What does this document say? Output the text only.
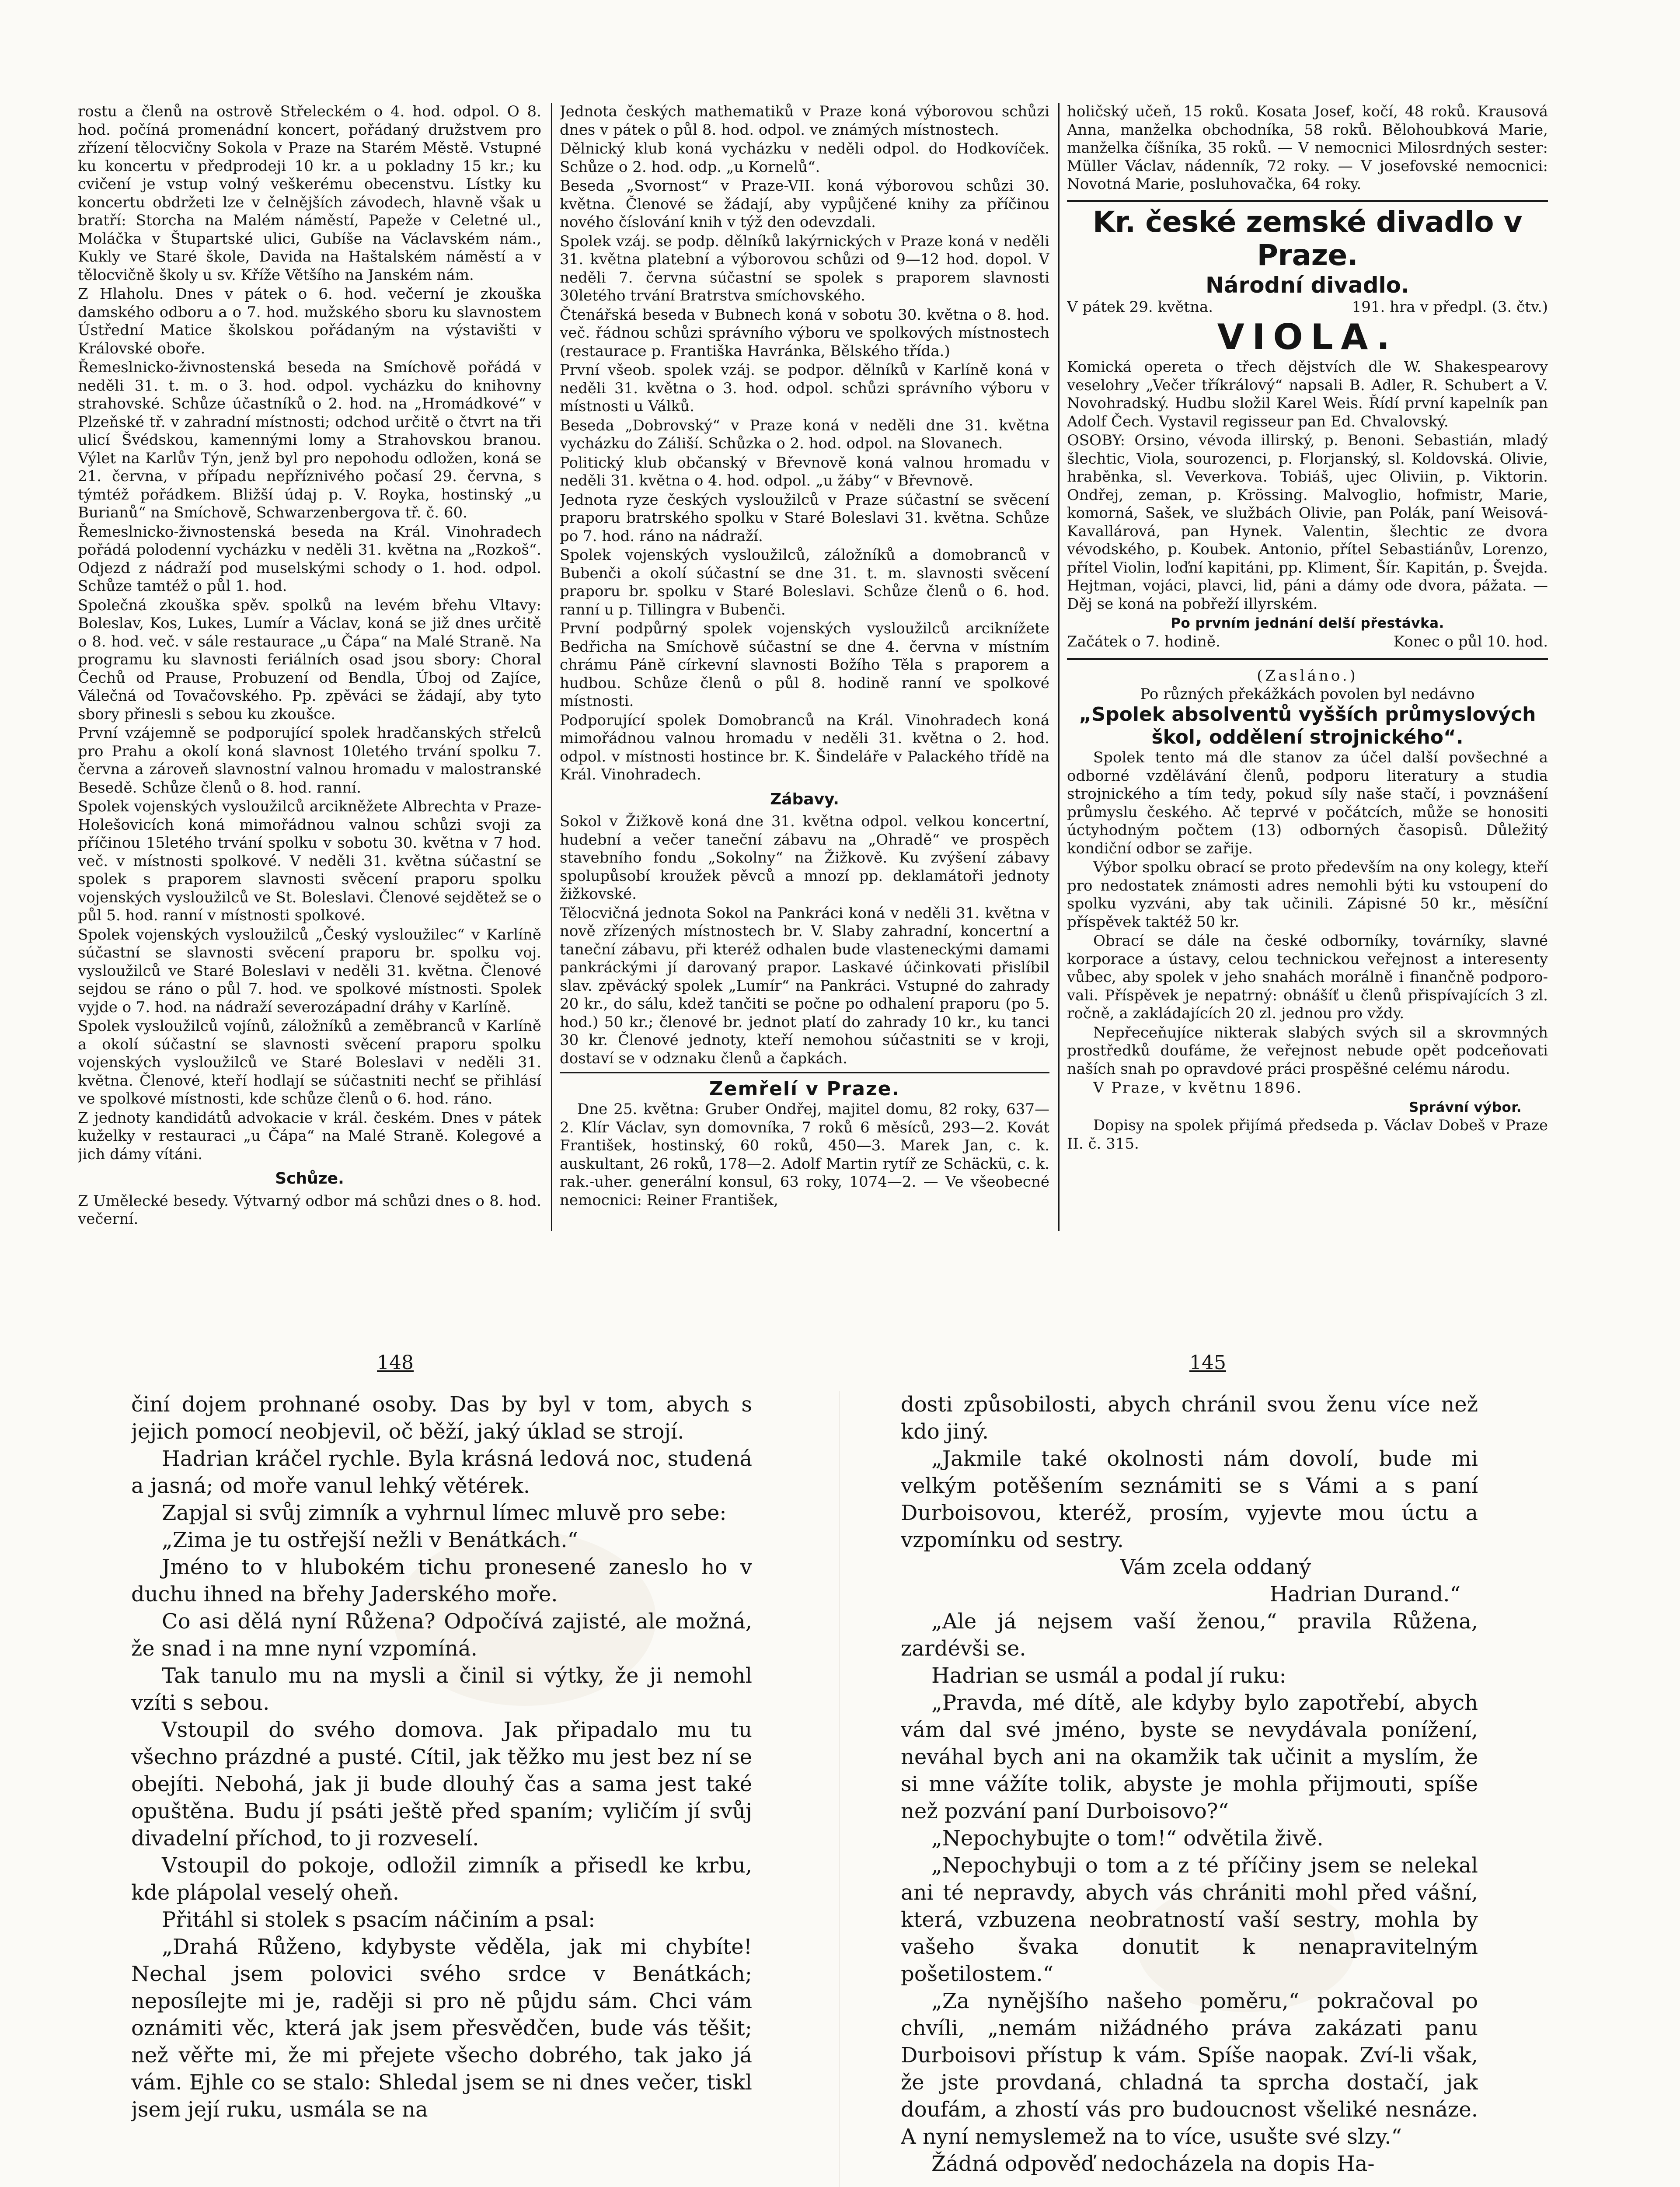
rostu a členů na ostrově Střeleckém o 4. hod. odpol. O 8. hod. počíná promenádní koncert, pořádaný družstvem pro zřízení tělocvičny Sokola v Praze na Starém Městě. Vstupné ku koncertu v předprodeji 10 kr. a u pokladny 15 kr.; ku cvičení je vstup volný veškerému obecenstvu. Lístky ku koncertu obdržeti lze v čelnějších závodech, hlavně však u bratří: Storcha na Malém náměstí, Papeže v Celetné ul., Moláčka v Štupartské ulici, Gubíše na Václavském nám., Kukly ve Staré škole, Davida na Haštalském náměstí a v tělocvičně školy u sv. Kříže Většího na Janském nám.

Z Hlaholu. Dnes v pátek o 6. hod. večerní je zkouška damského odboru a o 7. hod. mužského sboru ku slavnostem Ústřední Matice školskou pořádaným na výstavišti v Královské oboře.

Řemeslnicko-živnostenská beseda na Smíchově pořádá v neděli 31. t. m. o 3. hod. odpol. vycházku do knihovny strahovské. Schůze účastníků o 2. hod. na „Hromádkové“ v Plzeňské tř. v zahradní místnosti; odchod určitě o čtvrt na tři ulicí Švédskou, kamennými lomy a Strahovskou branou. Výlet na Karlův Týn, jenž byl pro nepohodu odložen, koná se 21. června, v případu nepříznivého počasí 29. června, s týmtéž pořádkem. Bližší údaj p. V. Royka, hostinský „u Burianů“ na Smíchově, Schwarzenbergova tř. č. 60.

Řemeslnicko-živnostenská beseda na Král. Vinohradech pořádá polodenní vycházku v neděli 31. května na „Rozkoš“. Odjezd z nádraží pod muselskými schody o 1. hod. odpol. Schůze tamtéž o půl 1. hod.

Společná zkouška spěv. spolků na levém břehu Vltavy: Boleslav, Kos, Lukes, Lumír a Václav, koná se již dnes určitě o 8. hod. več. v sále restaurace „u Čápa“ na Malé Straně. Na programu ku slavnosti feriálních osad jsou sbory: Choral Čechů od Prause, Probuzení od Bendla, Úboj od Zajíce, Válečná od Tovačovského. Pp. zpěváci se žádají, aby tyto sbory přinesli s sebou ku zkoušce.

První vzájemně se podporující spolek hradčanských střelců pro Prahu a okolí koná slavnost 10letého trvání spolku 7. června a zároveň slavnostní valnou hromadu v malostranské Besedě. Schůze členů o 8. hod. ranní.

Spolek vojenských vysloužilců arcikněžete Albrechta v Praze-Holešovicích koná mimořádnou valnou schůzi svoji za příčinou 15letého trvání spolku v sobotu 30. května v 7 hod. več. v místnosti spolkové. V neděli 31. května súčastní se spolek s praporem slavnosti svěcení praporu spolku vojenských vysloužilců ve St. Boleslavi. Členové sejdětež se o půl 5. hod. ranní v místnosti spolkové.

Spolek vojenských vysloužilců „Český vysloužilec“ v Karlíně súčastní se slavnosti svěcení praporu br. spolku voj. vysloužilců ve Staré Boleslavi v neděli 31. května. Členové sejdou se ráno o půl 7. hod. ve spolkové místnosti. Spolek vyjde o 7. hod. na nádraží severozápadní dráhy v Karlíně.

Spolek vysloužilců vojínů, záložníků a zeměbranců v Karlíně a okolí súčastní se slavnosti svěcení praporu spolku vojenských vysloužilců ve Staré Boleslavi v neděli 31. května. Členové, kteří hodlají se súčastniti nechť se přihlásí ve spolkové místnosti, kde schůze členů o 6. hod. ráno.

Z jednoty kandidátů advokacie v král. českém. Dnes v pátek kuželky v restauraci „u Čápa“ na Malé Straně. Kolegové a jich dámy vítáni.

Schůze.

Z Umělecké besedy. Výtvarný odbor má schůzi dnes o 8. hod. večerní.

Jednota českých mathematiků v Praze koná výborovou schůzi dnes v pátek o půl 8. hod. odpol. ve známých místnostech.

Dělnický klub koná vycházku v neděli odpol. do Hodkovíček. Schůze o 2. hod. odp. „u Kornelů“.

Beseda „Svornost“ v Praze-VII. koná výborovou schůzi 30. května. Členové se žádají, aby vypůjčené knihy za příčinou nového číslování knih v týž den odevzdali.

Spolek vzáj. se podp. dělníků lakýrnických v Praze koná v neděli 31. května platební a výborovou schůzi od 9—12 hod. dopol. V neděli 7. června súčastní se spolek s praporem slavnosti 30letého trvání Bratrstva smíchovského.

Čtenářská beseda v Bubnech koná v sobotu 30. května o 8. hod. več. řádnou schůzi správního výboru ve spolkových místnostech (restaurace p. Františka Havránka, Bělského třída.)

První všeob. spolek vzáj. se podpor. dělníků v Karlíně koná v neděli 31. května o 3. hod. odpol. schůzi správního výboru v místnosti u Válků.

Beseda „Dobrovský“ v Praze koná v neděli dne 31. května vycházku do Záliší. Schůzka o 2. hod. odpol. na Slovanech.

Politický klub občanský v Břevnově koná valnou hromadu v neděli 31. května o 4. hod. odpol. „u žáby“ v Břevnově.

Jednota ryze českých vysloužilců v Praze súčastní se svěcení praporu bratrského spolku v Staré Boleslavi 31. května. Schůze po 7. hod. ráno na nádraží.

Spolek vojenských vysloužilců, záložníků a domobranců v Bubenči a okolí súčastní se dne 31. t. m. slavnosti svěcení praporu br. spolku v Staré Boleslavi. Schůze členů o 6. hod. ranní u p. Tillingra v Bubenči.

První podpůrný spolek vojenských vysloužilců arciknížete Bedřicha na Smíchově súčastní se dne 4. června v místním chrámu Páně církevní slavnosti Božího Těla s praporem a hudbou. Schůze členů o půl 8. hodině ranní ve spolkové místnosti.

Podporující spolek Domobranců na Král. Vinohradech koná mimořádnou valnou hromadu v neděli 31. května o 2. hod. odpol. v místnosti hostince br. K. Šindeláře v Palackého třídě na Král. Vinohradech.

Zábavy.

Sokol v Žižkově koná dne 31. května odpol. velkou koncertní, hudební a večer taneční zábavu na „Ohradě“ ve prospěch stavebního fondu „Sokolny“ na Žižkově. Ku zvýšení zábavy spolupůsobí kroužek pěvců a mnozí pp. deklamátoři jednoty žižkovské.

Tělocvičná jednota Sokol na Pankráci koná v neděli 31. května v nově zřízených místnostech br. V. Slaby zahradní, koncertní a taneční zábavu, při kteréž odhalen bude vlasteneckými damami pankráckými jí darovaný prapor. Laskavé účinkovati přislíbil slav. zpěvácký spolek „Lumír“ na Pankráci. Vstupné do zahrady 20 kr., do sálu, kdež tančiti se počne po odhalení praporu (po 5. hod.) 50 kr.; členové br. jednot platí do zahrady 10 kr., ku tanci 30 kr. Členové jednoty, kteří nemohou súčastniti se v kroji, dostaví se v odznaku členů a čapkách.

Zemřelí v Praze.

Dne 25. května: Gruber Ondřej, majitel domu, 82 roky, 637—2. Klír Václav, syn domovníka, 7 roků 6 měsíců, 293—2. Kovát František, hostinský, 60 roků, 450—3. Marek Jan, c. k. auskultant, 26 roků, 178—2. Adolf Martin rytíř ze Schäckü, c. k. rak.-uher. generální konsul, 63 roky, 1074—2. — Ve všeobecné nemocnici: Reiner František,

holičský učeň, 15 roků. Kosata Josef, kočí, 48 roků. Krausová Anna, manželka obchodníka, 58 roků. Bělohoubková Marie, manželka číšníka, 35 roků. — V nemocnici Milosrdných sester: Müller Václav, nádenník, 72 roky. — V josefovské nemocnici: Novotná Marie, posluhovačka, 64 roky.

Kr. české zemské divadlo v Praze.
Národní divadlo.
V pátek 29. května.	191. hra v předpl. (3. čtv.)
VIOLA.

Komická opereta o třech dějstvích dle W. Shakespearovy veselohry „Večer tříkrálový“ napsali B. Adler, R. Schubert a V. Novohradský. Hudbu složil Karel Weis. Řídí první kapelník pan Adolf Čech. Vystavil regisseur pan Ed. Chvalovský.

OSOBY: Orsino, vévoda illirský, p. Benoni. Sebastián, mladý šlechtic, Viola, sourozenci, p. Florjanský, sl. Koldovská. Olivie, hraběnka, sl. Veverkova. Tobiáš, ujec Oliviin, p. Viktorin. Ondřej, zeman, p. Krössing. Malvoglio, hofmistr, Marie, komorná, Sašek, ve službách Olivie, pan Polák, paní Weisová-Kavallárová, pan Hynek. Valentin, šlechtic ze dvora vévodského, p. Koubek. Antonio, přítel Sebastiánův, Lorenzo, přítel Violin, loďní kapitáni, pp. Kliment, Šír. Kapitán, p. Švejda. Hejtman, vojáci, plavci, lid, páni a dámy ode dvora, pážata. — Děj se koná na pobřeží illyrském.

Po prvním jednání delší přestávka.
Začátek o 7. hodině.	Konec o půl 10. hod.
(Zasláno.)
Po různých překážkách povolen byl nedávno
„Spolek absolventů vyšších průmyslových škol, oddělení strojnického“.

Spolek tento má dle stanov za účel další povšechné a odborné vzdělávání členů, podporu literatury a studia strojnického a tím tedy, pokud síly naše stačí, i povznášení průmyslu českého. Ač teprvé v počátcích, může se honositi úctyhodným počtem (13) odborných časopisů. Důležitý kondiční odbor se zařije.

Výbor spolku obrací se proto především na ony kolegy, kteří pro nedostatek známosti adres nemohli býti ku vstoupení do spolku vyzváni, aby tak učinili. Zápisné 50 kr., měsíční příspěvek taktéž 50 kr.

Obrací se dále na české odborníky, továrníky, slavné korporace a ústavy, celou technickou veřejnost a interesenty vůbec, aby spolek v jeho snahách morálně i finančně podporovali. Příspěvek je nepatrný: obnášíť u členů přispívajících 3 zl. ročně, a zakládajících 20 zl. jednou pro vždy.

Nepřeceňujíce nikterak slabých svých sil a skrovmných prostředků doufáme, že veřejnost nebude opět podceňovati naších snah po opravdové práci prospěšné celému národu.

V Praze, v květnu 1896.

Správní výbor.

Dopisy na spolek přijímá předseda p. Václav Dobeš v Praze II. č. 315.

148	145

činí dojem prohnané osoby. Das by byl v tom, abych s jejich pomocí neobjevil, oč běží, jaký úklad se strojí.

Hadrian kráčel rychle. Byla krásná ledová noc, studená a jasná; od moře vanul lehký větérek.

Zapjal si svůj zimník a vyhrnul límec mluvě pro sebe:

„Zima je tu ostřejší nežli v Benátkách.“

Jméno to v hlubokém tichu pronesené zaneslo ho v duchu ihned na břehy Jaderského moře.

Co asi dělá nyní Růžena? Odpočívá zajisté, ale možná, že snad i na mne nyní vzpomíná.

Tak tanulo mu na mysli a činil si výtky, že ji nemohl vzíti s sebou.

Vstoupil do svého domova. Jak připadalo mu tu všechno prázdné a pusté. Cítil, jak těžko mu jest bez ní se obejíti. Nebohá, jak ji bude dlouhý čas a sama jest také opuštěna. Budu jí psáti ještě před spaním; vyličím jí svůj divadelní příchod, to ji rozveselí.

Vstoupil do pokoje, odložil zimník a přisedl ke krbu, kde plápolal veselý oheň.

Přitáhl si stolek s psacím náčiním a psal:

„Drahá Růženo, kdybyste věděla, jak mi chybíte! Nechal jsem polovici svého srdce v Benátkách; neposílejte mi je, raději si pro ně půjdu sám. Chci vám oznámiti věc, která jak jsem přesvědčen, bude vás těšit; než věřte mi, že mi přejete všecho dobrého, tak jako já vám. Ejhle co se stalo: Shledal jsem se ni dnes večer, tiskl jsem její ruku, usmála se na

dosti způsobilosti, abych chránil svou ženu více než kdo jiný.

„Jakmile také okolnosti nám dovolí, bude mi velkým potěšením seznámiti se s Vámi a s paní Durboisovou, kteréž, prosím, vyjevte mou úctu a vzpomínku od sestry.

Vám zcela oddaný

Hadrian Durand.“

„Ale já nejsem vaší ženou,“ pravila Růžena, zardévši se.

Hadrian se usmál a podal jí ruku:

„Pravda, mé dítě, ale kdyby bylo zapotřebí, abych vám dal své jméno, byste se nevydávala ponížení, neváhal bych ani na okamžik tak učinit a myslím, že si mne vážíte tolik, abyste je mohla přijmouti, spíše než pozvání paní Durboisovo?“

„Nepochybujte o tom!“ odvětila živě.

„Nepochybuji o tom a z té příčiny jsem se nelekal ani té nepravdy, abych vás chrániti mohl před vášní, která, vzbuzena neobratností vaší sestry, mohla by vašeho švaka donutit k nenapravitelným pošetilostem.“

„Za nynějšího našeho poměru,“ pokračoval po chvíli, „nemám nižádného práva zakázati panu Durboisovi přístup k vám. Spíše naopak. Zví-li však, že jste provdaná, chladná ta sprcha dostačí, jak doufám, a zhostí vás pro budoucnost všeliké nesnáze. A nyní nemyslemež na to více, usušte své slzy.“

Žádná odpověď nedocházela na dopis Ha-
